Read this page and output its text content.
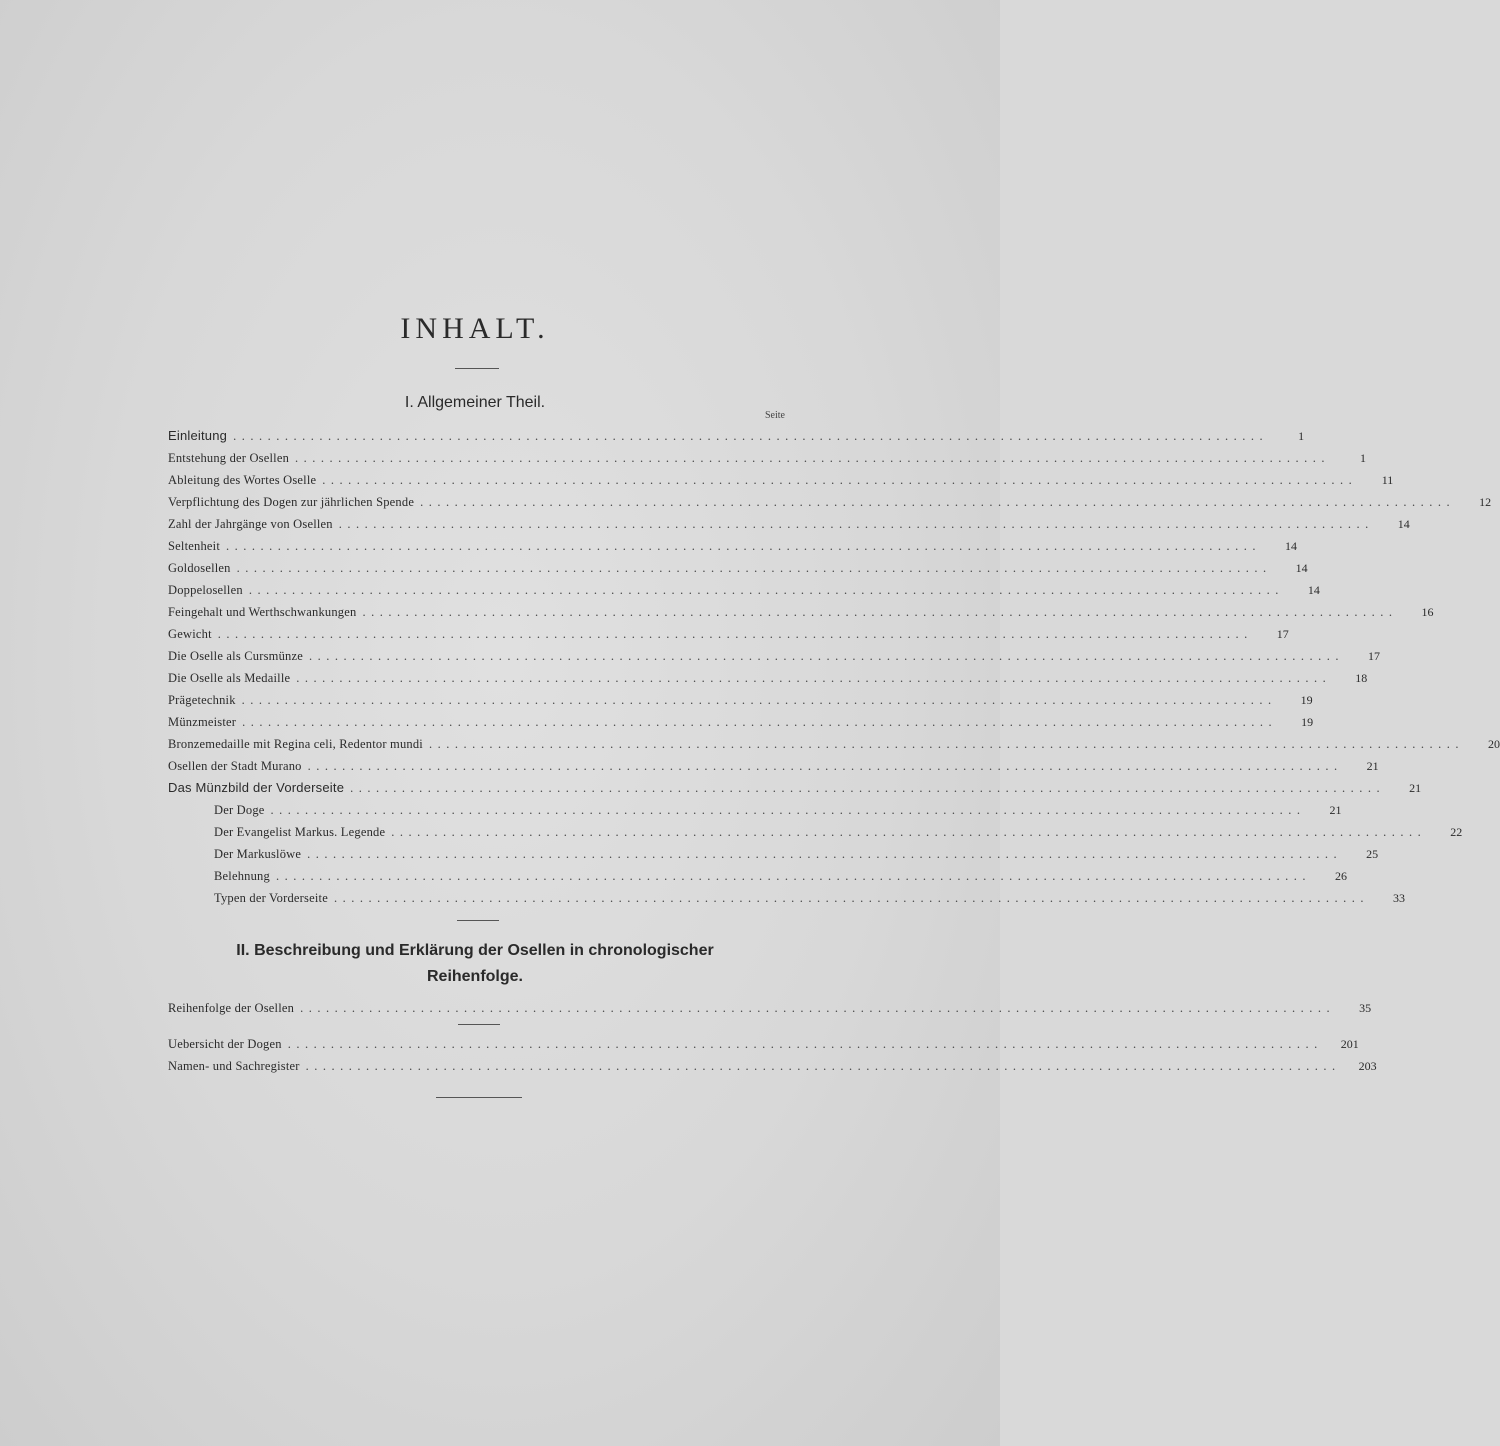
INHALT.
I. Allgemeiner Theil.
Seite
Einleitung ........................................................................................................................	1
Entstehung der Osellen ........................................................................................................................	1
Ableitung des Wortes Oselle ........................................................................................................................	11
Verpflichtung des Dogen zur jährlichen Spende ........................................................................................................................	12
Zahl der Jahrgänge von Osellen ........................................................................................................................	14
Seltenheit ........................................................................................................................	14
Goldosellen ........................................................................................................................	14
Doppelosellen ........................................................................................................................	14
Feingehalt und Werthschwankungen ........................................................................................................................	16
Gewicht ........................................................................................................................	17
Die Oselle als Cursmünze ........................................................................................................................	17
Die Oselle als Medaille ........................................................................................................................	18
Prägetechnik ........................................................................................................................	19
Münzmeister ........................................................................................................................	19
Bronzemedaille mit Regina celi, Redentor mundi ........................................................................................................................	20
Osellen der Stadt Murano ........................................................................................................................	21
Das Münzbild der Vorderseite ........................................................................................................................	21
Der Doge ........................................................................................................................	21
Der Evangelist Markus. Legende ........................................................................................................................	22
Der Markuslöwe ........................................................................................................................	25
Belehnung ........................................................................................................................	26
Typen der Vorderseite ........................................................................................................................	33
II. Beschreibung und Erklärung der Osellen in chronologischer
Reihenfolge.
Reihenfolge der Osellen ........................................................................................................................	35
Uebersicht der Dogen ........................................................................................................................	201
Namen- und Sachregister ........................................................................................................................	203
